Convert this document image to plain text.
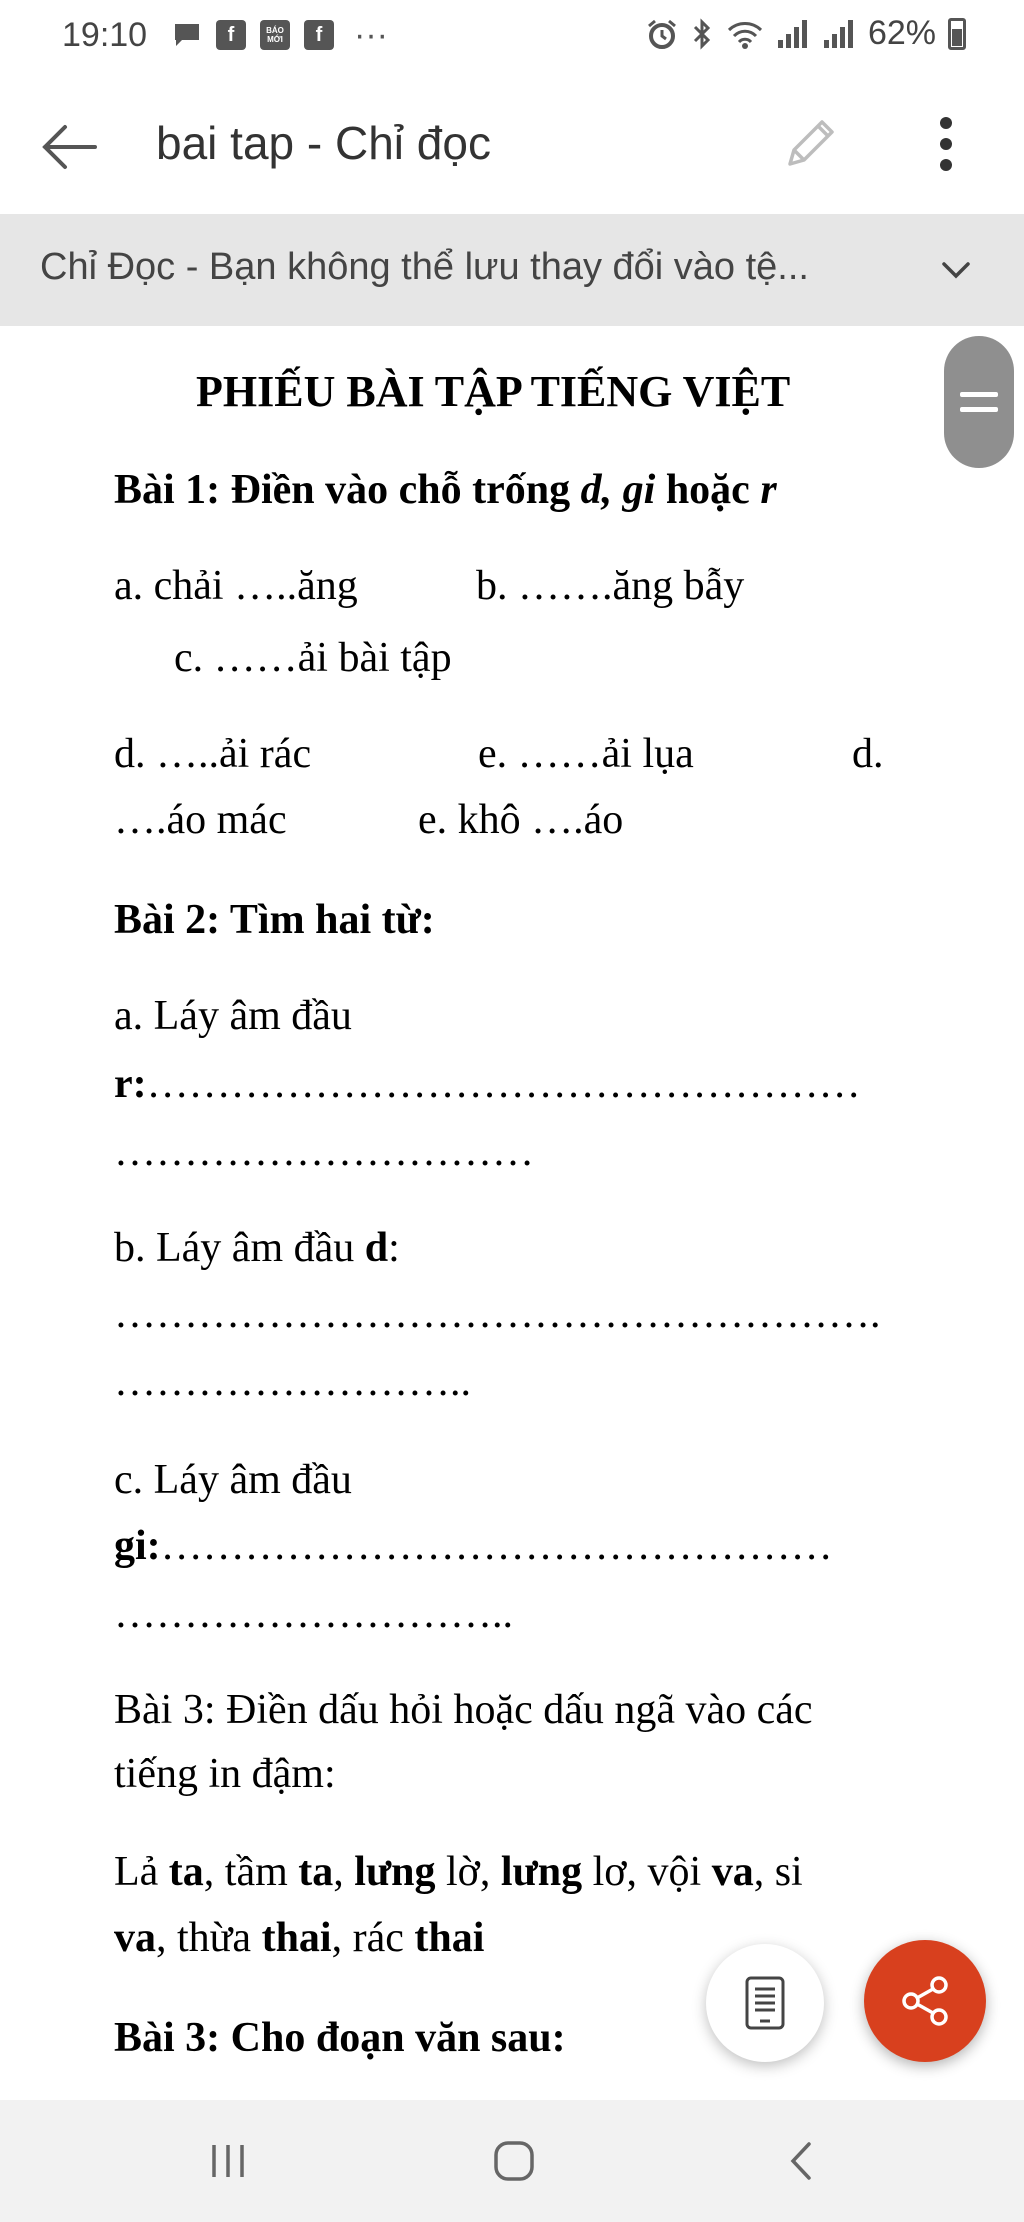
19:10	f	BÁO MỚI	f ···	62%
bai tap - Chỉ đọc
Chỉ Đọc - Bạn không thể lưu thay đổi vào tệ...
PHIẾU BÀI TẬP TIẾNG VIỆT

Bài 1: Điền vào chỗ trống d, gi hoặc r

a. chải …..ăng	b. …….ăng bẫy

c. ……ải bài tập

d. …..ải rác	e. ……ải lụa	d.

….áo mác	e. khô ….áo

Bài 2: Tìm hai từ:

a. Láy âm đầu

r:……………………………………………

…………………………

b. Láy âm đầu d:

……………………………………………….

……………………..

c. Láy âm đầu

gi:…………………………………………

………………………..

Bài 3: Điền dấu hỏi hoặc dấu ngã vào các

tiếng in đậm:

Lả ta, tầm ta, lưng lờ, lưng lơ, vội va, si

va, thừa thai, rác thai

Bài 3: Cho đoạn văn sau:
